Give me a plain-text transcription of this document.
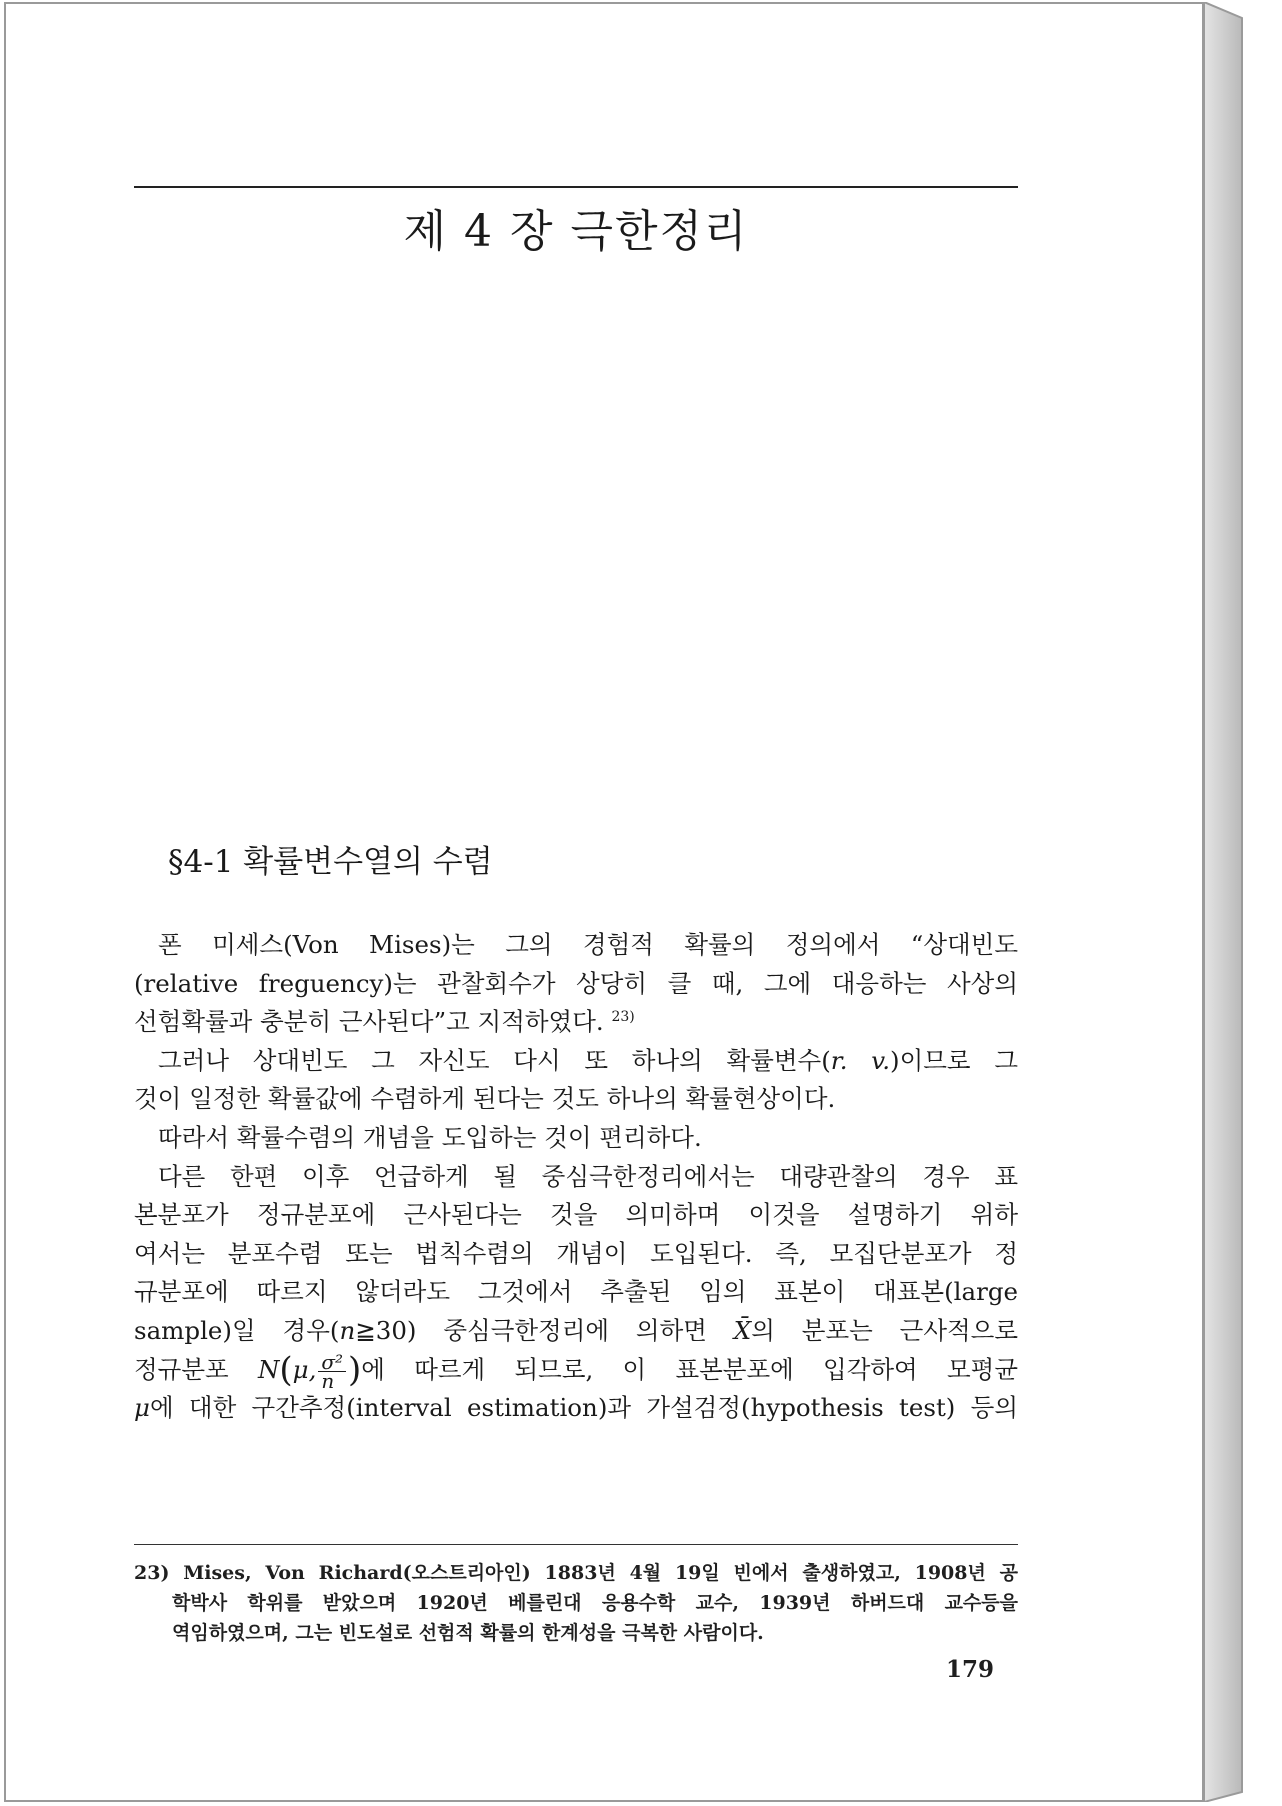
제 4 장 극한정리
§4-1 확률변수열의 수렴
폰 미세스(Von Mises)는 그의 경험적 확률의 정의에서 “상대빈도
(relative freguency)는 관찰회수가 상당히 클 때, 그에 대응하는 사상의
선험확률과 충분히 근사된다”고 지적하였다. $^{23)}$
그러나 상대빈도 그 자신도 다시 또 하나의 확률변수(r. v.)이므로 그
것이 일정한 확률값에 수렴하게 된다는 것도 하나의 확률현상이다.
따라서 확률수렴의 개념을 도입하는 것이 편리하다.
다른 한편 이후 언급하게 될 중심극한정리에서는 대량관찰의 경우 표
본분포가 정규분포에 근사된다는 것을 의미하며 이것을 설명하기 위하
여서는 분포수렴 또는 법칙수렴의 개념이 도입된다. 즉, 모집단분포가 정
규분포에 따르지 않더라도 그것에서 추출된 임의 표본이 대표본(large
sample)일 경우(n≧30) 중심극한정리에 의하면 X̄의 분포는 근사적으로
정규분포 N(μ, $\frac{\text{σ²}}{n}$ )에 따르게 되므로, 이 표본분포에 입각하여 모평균
μ에 대한 구간추정(interval estimation)과 가설검정(hypothesis test) 등의
23) Mises, Von Richard(오스트리아인) 1883년 4월 19일 빈에서 출생하였고, 1908년 공
학박사 학위를 받았으며 1920년 베를린대 응용수학 교수, 1939년 하버드대 교수등을
역임하였으며, 그는 빈도설로 선험적 확률의 한계성을 극복한 사람이다.
179
